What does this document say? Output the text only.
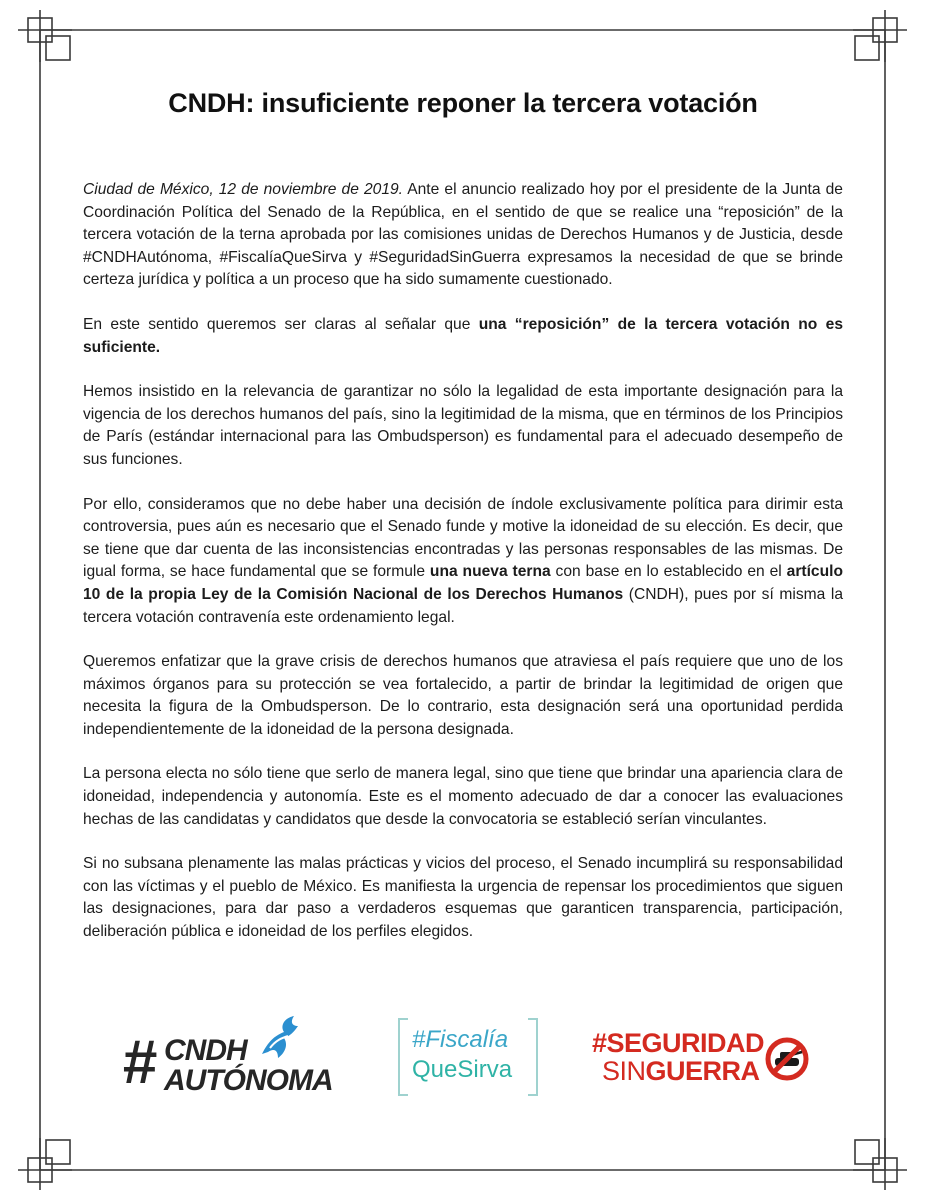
CNDH: insuficiente reponer la tercera votación

Ciudad de México, 12 de noviembre de 2019. Ante el anuncio realizado hoy por el presidente de la Junta de Coordinación Política del Senado de la República, en el sentido de que se realice una “reposición” de la tercera votación de la terna aprobada por las comisiones unidas de Derechos Humanos y de Justicia, desde #CNDHAutónoma, #FiscalíaQueSirva y #SeguridadSinGuerra expresamos la necesidad de que se brinde certeza jurídica y política a un proceso que ha sido sumamente cuestionado.

En este sentido queremos ser claras al señalar que una “reposición” de la tercera votación no es suficiente.

Hemos insistido en la relevancia de garantizar no sólo la legalidad de esta importante designación para la vigencia de los derechos humanos del país, sino la legitimidad de la misma, que en términos de los Principios de París (estándar internacional para las Ombudsperson) es fundamental para el adecuado desempeño de sus funciones.

Por ello, consideramos que no debe haber una decisión de índole exclusivamente política para dirimir esta controversia, pues aún es necesario que el Senado funde y motive la idoneidad de su elección. Es decir, que se tiene que dar cuenta de las inconsistencias encontradas y las personas responsables de las mismas. De igual forma, se hace fundamental que se formule una nueva terna con base en lo establecido en el artículo 10 de la propia Ley de la Comisión Nacional de los Derechos Humanos (CNDH), pues por sí misma la tercera votación contravenía este ordenamiento legal.

Queremos enfatizar que la grave crisis de derechos humanos que atraviesa el país requiere que uno de los máximos órganos para su protección se vea fortalecido, a partir de brindar la legitimidad de origen que necesita la figura de la Ombudsperson. De lo contrario, esta designación será una oportunidad perdida independientemente de la idoneidad de la persona designada.

La persona electa no sólo tiene que serlo de manera legal, sino que tiene que brindar una apariencia clara de idoneidad, independencia y autonomía. Este es el momento adecuado de dar a conocer las evaluaciones hechas de las candidatas y candidatos que desde la convocatoria se estableció serían vinculantes.

Si no subsana plenamente las malas prácticas y vicios del proceso, el Senado incumplirá su responsabilidad con las víctimas y el pueblo de México. Es manifiesta la urgencia de repensar los procedimientos que siguen las designaciones, para dar paso a verdaderos esquemas que garanticen transparencia, participación, deliberación pública e idoneidad de los perfiles elegidos.

# CNDH
AUTÓNOMA
#Fiscalía
QueSirva
#SEGURIDAD
SINGUERRA
